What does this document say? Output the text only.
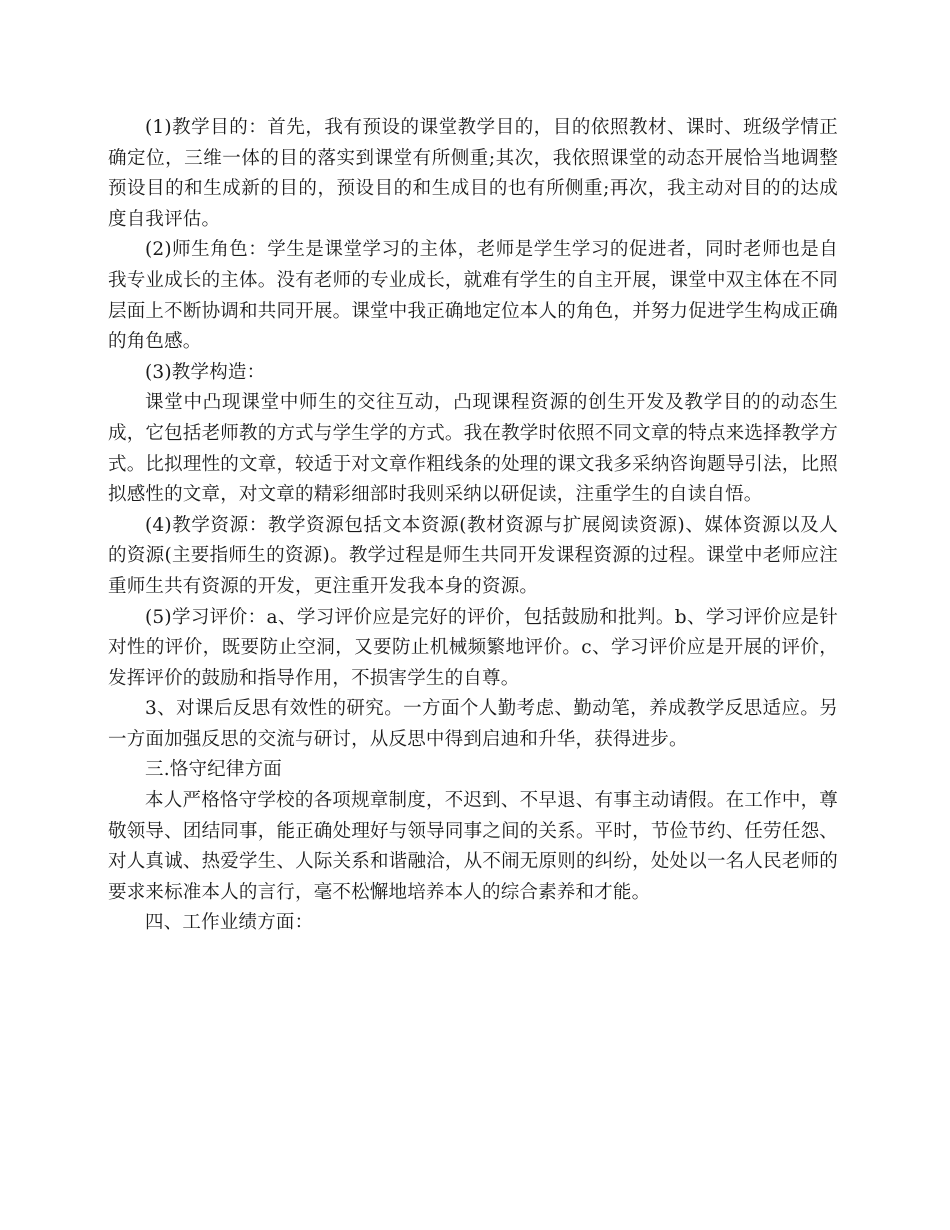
(1)教学目的：首先，我有预设的课堂教学目的，目的依照教材、课时、班级学情正确定位，三维一体的目的落实到课堂有所侧重;其次，我依照课堂的动态开展恰当地调整预设目的和生成新的目的，预设目的和生成目的也有所侧重;再次，我主动对目的的达成度自我评估。

(2)师生角色：学生是课堂学习的主体，老师是学生学习的促进者，同时老师也是自我专业成长的主体。没有老师的专业成长，就难有学生的自主开展，课堂中双主体在不同层面上不断协调和共同开展。课堂中我正确地定位本人的角色，并努力促进学生构成正确的角色感。

(3)教学构造：

课堂中凸现课堂中师生的交往互动，凸现课程资源的创生开发及教学目的的动态生成，它包括老师教的方式与学生学的方式。我在教学时依照不同文章的特点来选择教学方式。比拟理性的文章，较适于对文章作粗线条的处理的课文我多采纳咨询题导引法，比照拟感性的文章，对文章的精彩细部时我则采纳以研促读，注重学生的自读自悟。

(4)教学资源：教学资源包括文本资源(教材资源与扩展阅读资源)、媒体资源以及人的资源(主要指师生的资源)。教学过程是师生共同开发课程资源的过程。课堂中老师应注重师生共有资源的开发，更注重开发我本身的资源。

(5)学习评价：a、学习评价应是完好的评价，包括鼓励和批判。b、学习评价应是针对性的评价，既要防止空洞，又要防止机械频繁地评价。c、学习评价应是开展的评价，发挥评价的鼓励和指导作用，不损害学生的自尊。

3、对课后反思有效性的研究。一方面个人勤考虑、勤动笔，养成教学反思适应。另一方面加强反思的交流与研讨，从反思中得到启迪和升华，获得进步。

三.恪守纪律方面

本人严格恪守学校的各项规章制度，不迟到、不早退、有事主动请假。在工作中，尊敬领导、团结同事，能正确处理好与领导同事之间的关系。平时，节俭节约、任劳任怨、对人真诚、热爱学生、人际关系和谐融洽，从不闹无原则的纠纷，处处以一名人民老师的要求来标准本人的言行，毫不松懈地培养本人的综合素养和才能。

四、工作业绩方面：
